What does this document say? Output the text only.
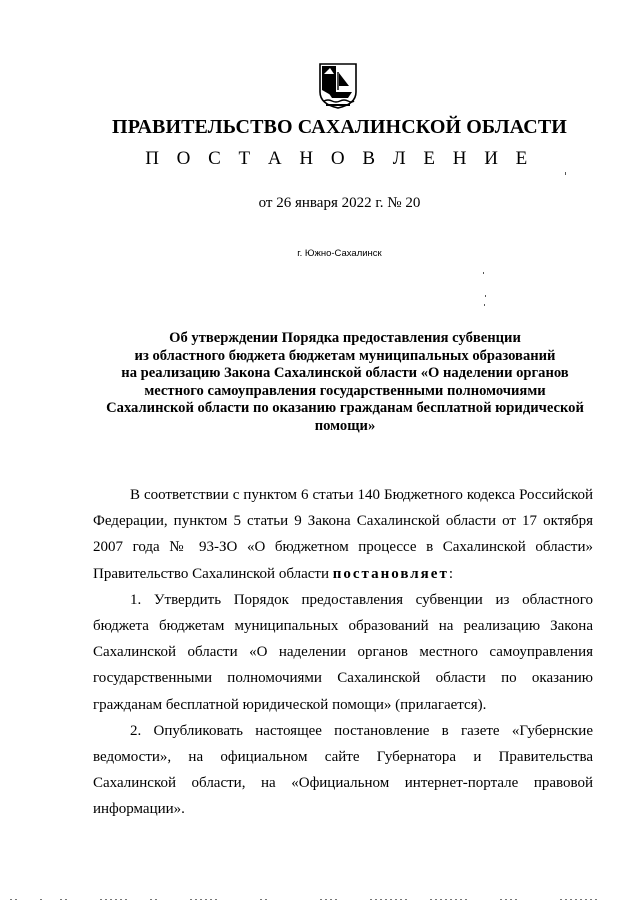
ПРАВИТЕЛЬСТВО САХАЛИНСКОЙ ОБЛАСТИ
П О С Т А Н О В Л Е Н И Е
от 26 января 2022 г. № 20
г. Южно-Сахалинск
Об утверждении Порядка предоставления субвенции
из областного бюджета бюджетам муниципальных образований
на реализацию Закона Сахалинской области «О наделении органов
местного самоуправления государственными полномочиями
Сахалинской области по оказанию гражданам бесплатной юридической
помощи»

В соответствии с пунктом 6 статьи 140 Бюджетного кодекса Российской Федерации, пунктом 5 статьи 9 Закона Сахалинской области от 17 октября 2007 года № 93-ЗО «О бюджетном процессе в Сахалинской области» Правительство Сахалинской области постановляет:

1. Утвердить Порядок предоставления субвенции из областного бюджета бюджетам муниципальных образований на реализацию Закона Сахалинской области «О наделении органов местного самоуправления государственными полномочиями Сахалинской области по оказанию гражданам бесплатной юридической помощи» (прилагается).

2. Опубликовать настоящее постановление в газете «Губернские ведомости», на официальном сайте Губернатора и Правительства Сахалинской области, на «Официальном интернет-портале правовой информации».
